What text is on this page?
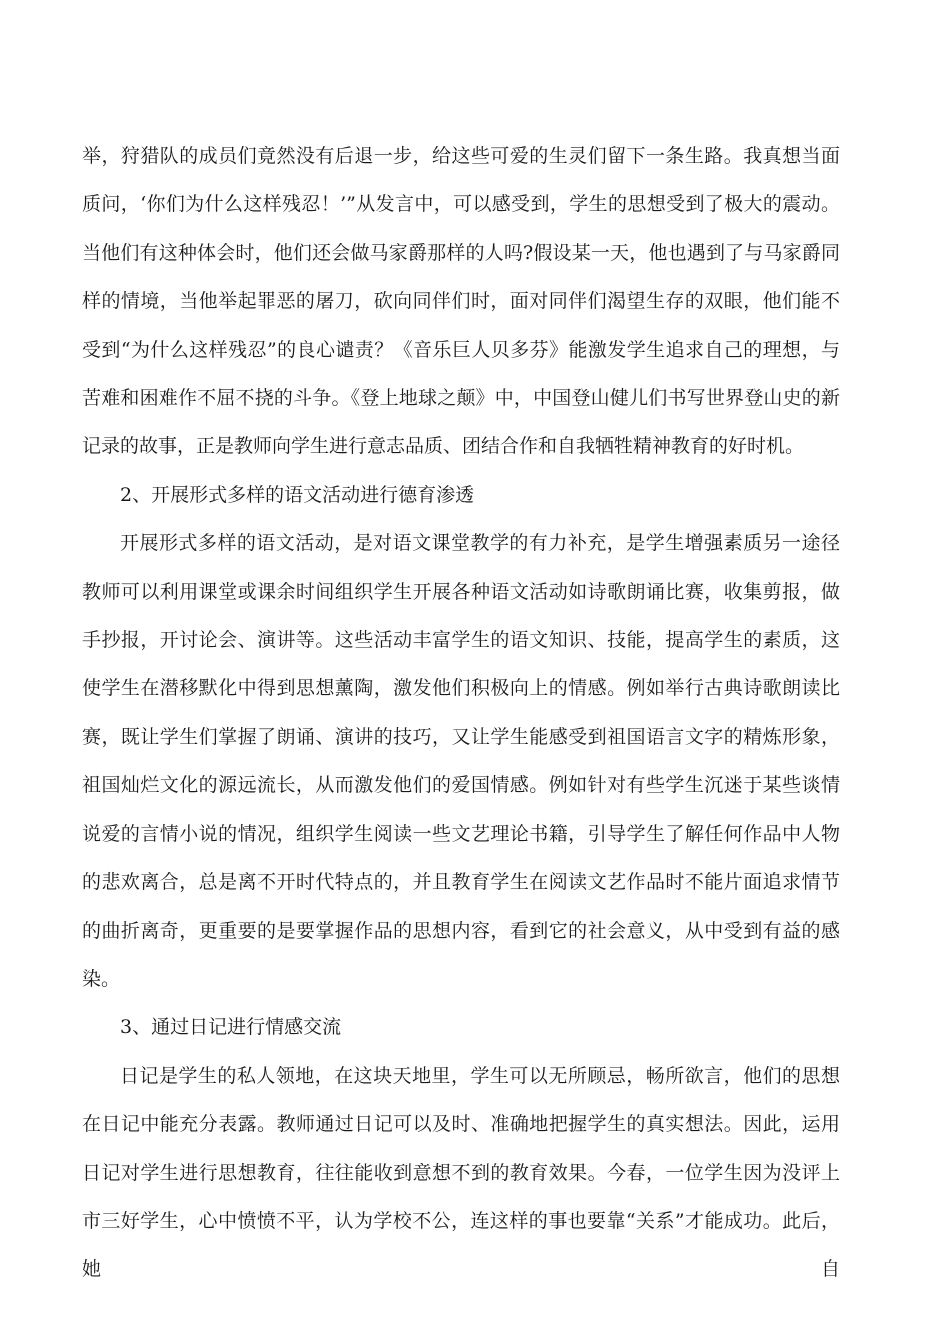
举，狩猎队的成员们竟然没有后退一步，给这些可爱的生灵们留下一条生路。我真想当面质问，‘你们为什么这样残忍！’”从发言中，可以感受到，学生的思想受到了极大的震动。当他们有这种体会时，他们还会做马家爵那样的人吗?假设某一天，他也遇到了与马家爵同样的情境，当他举起罪恶的屠刀，砍向同伴们时，面对同伴们渴望生存的双眼，他们能不受到“为什么这样残忍”的良心谴责？《音乐巨人贝多芬》能激发学生追求自己的理想，与苦难和困难作不屈不挠的斗争。《登上地球之颠》中，中国登山健儿们书写世界登山史的新记录的故事，正是教师向学生进行意志品质、团结合作和自我牺牲精神教育的好时机。

2、开展形式多样的语文活动进行德育渗透

开展形式多样的语文活动，是对语文课堂教学的有力补充，是学生增强素质另一途径教师可以利用课堂或课余时间组织学生开展各种语文活动如诗歌朗诵比赛，收集剪报，做手抄报，开讨论会、演讲等。这些活动丰富学生的语文知识、技能，提高学生的素质，这使学生在潜移默化中得到思想薰陶，激发他们积极向上的情感。例如举行古典诗歌朗读比赛，既让学生们掌握了朗诵、演讲的技巧，又让学生能感受到祖国语言文字的精炼形象，祖国灿烂文化的源远流长，从而激发他们的爱国情感。例如针对有些学生沉迷于某些谈情说爱的言情小说的情况，组织学生阅读一些文艺理论书籍，引导学生了解任何作品中人物的悲欢离合，总是离不开时代特点的，并且教育学生在阅读文艺作品时不能片面追求情节的曲折离奇，更重要的是要掌握作品的思想内容，看到它的社会意义，从中受到有益的感染。

3、通过日记进行情感交流

日记是学生的私人领地，在这块天地里，学生可以无所顾忌，畅所欲言，他们的思想在日记中能充分表露。教师通过日记可以及时、准确地把握学生的真实想法。因此，运用日记对学生进行思想教育，往往能收到意想不到的教育效果。今春，一位学生因为没评上市三好学生，心中愤愤不平，认为学校不公，连这样的事也要靠“关系”才能成功。此后，她自
